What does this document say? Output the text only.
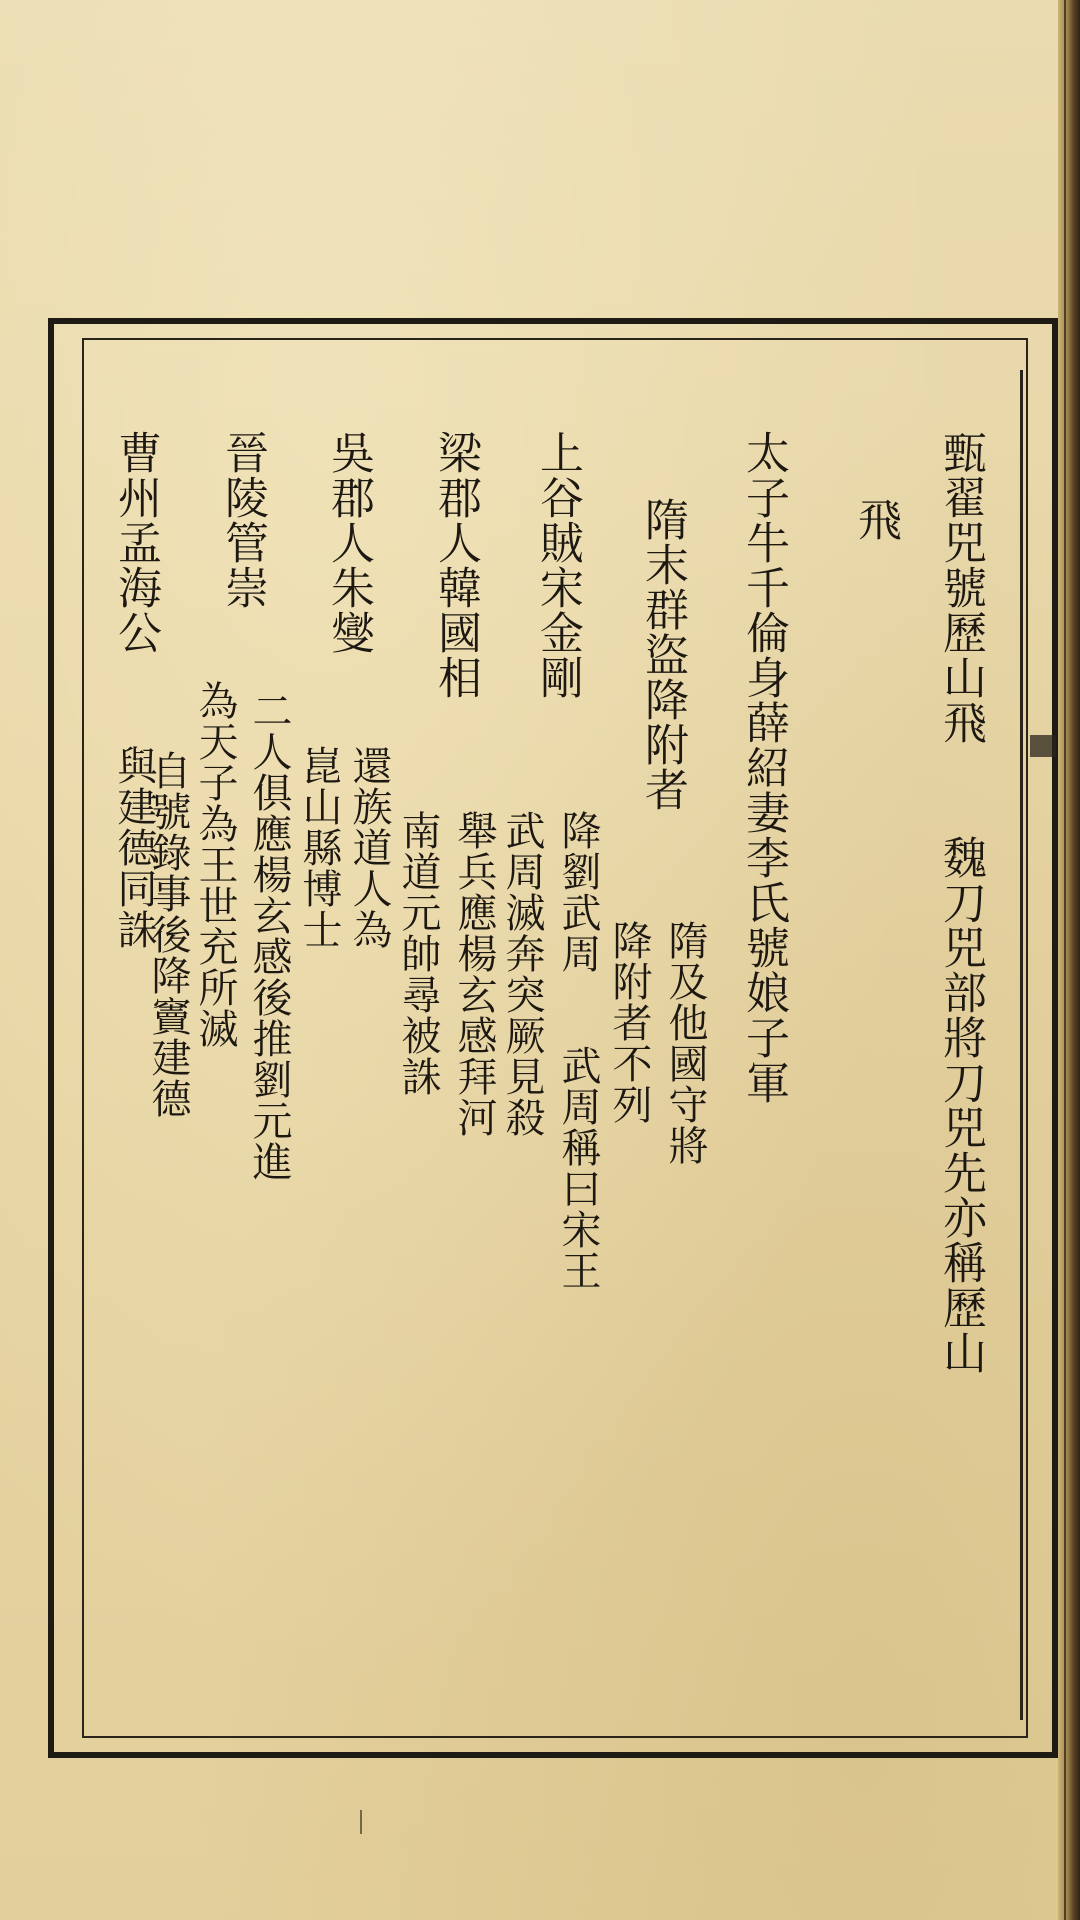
甄翟兕號歷山飛　　魏刀兕部將刀兕先亦稱歷山
飛
太子牛千倫身薛紹妻李氏號娘子軍
隋末群盜降附者
隋及他國守將
降附者不列
上谷賊宋金剛
降劉武周
武周稱曰宋王
武周滅奔突厥見殺
梁郡人韓國相
舉兵應楊玄感拜河
南道元帥尋被誅
吳郡人朱燮
還族道人為
崑山縣博士
晉陵管崇
二人俱應楊玄感後推劉元進
為天子為王世充所滅
曹州孟海公
與建德同誅
自號錄事後降竇建德
